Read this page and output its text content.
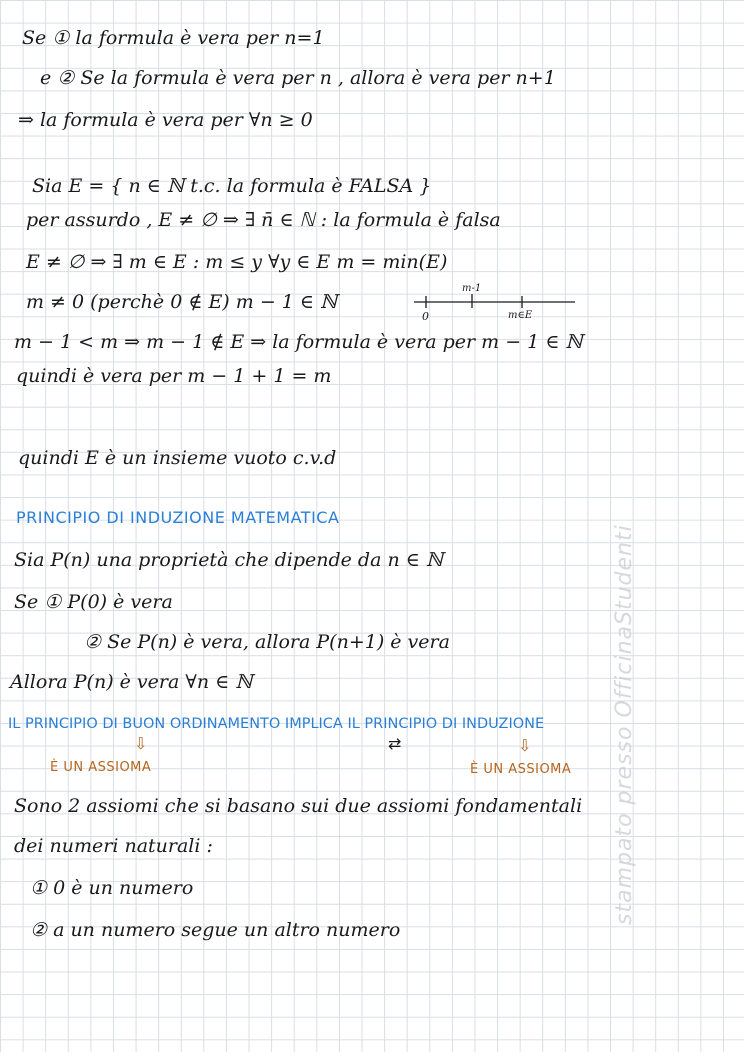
Se ① la formula è vera per n=1
e ② Se la formula è vera per n , allora è vera per n+1
⇒ la formula è vera per ∀n ≥ 0
Sia E = { n ∈ ℕ t.c. la formula è FALSA }
per assurdo , E ≠ ∅ ⇒ ∃ n̄ ∈ ℕ : la formula è falsa
E ≠ ∅ ⇒ ∃ m ∈ E : m ≤ y ∀y ∈ E m = min(E)
m ≠ 0 (perchè 0 ∉ E) m − 1 ∈ ℕ
0
m-1
m∈E
m − 1 < m ⇒ m − 1 ∉ E ⇒ la formula è vera per m − 1 ∈ ℕ
quindi è vera per m − 1 + 1 = m
quindi E è un insieme vuoto c.v.d
PRINCIPIO DI INDUZIONE MATEMATICA
Sia P(n) una proprietà che dipende da n ∈ ℕ
Se ① P(0) è vera
② Se P(n) è vera, allora P(n+1) è vera
Allora P(n) è vera ∀n ∈ ℕ
IL PRINCIPIO DI BUON ORDINAMENTO IMPLICA IL PRINCIPIO DI INDUZIONE
⇩	⇄	⇩
È UN ASSIOMA	È UN ASSIOMA
Sono 2 assiomi che si basano sui due assiomi fondamentali
dei numeri naturali :
① 0 è un numero
② a un numero segue un altro numero
stampato presso OfficinaStudenti
